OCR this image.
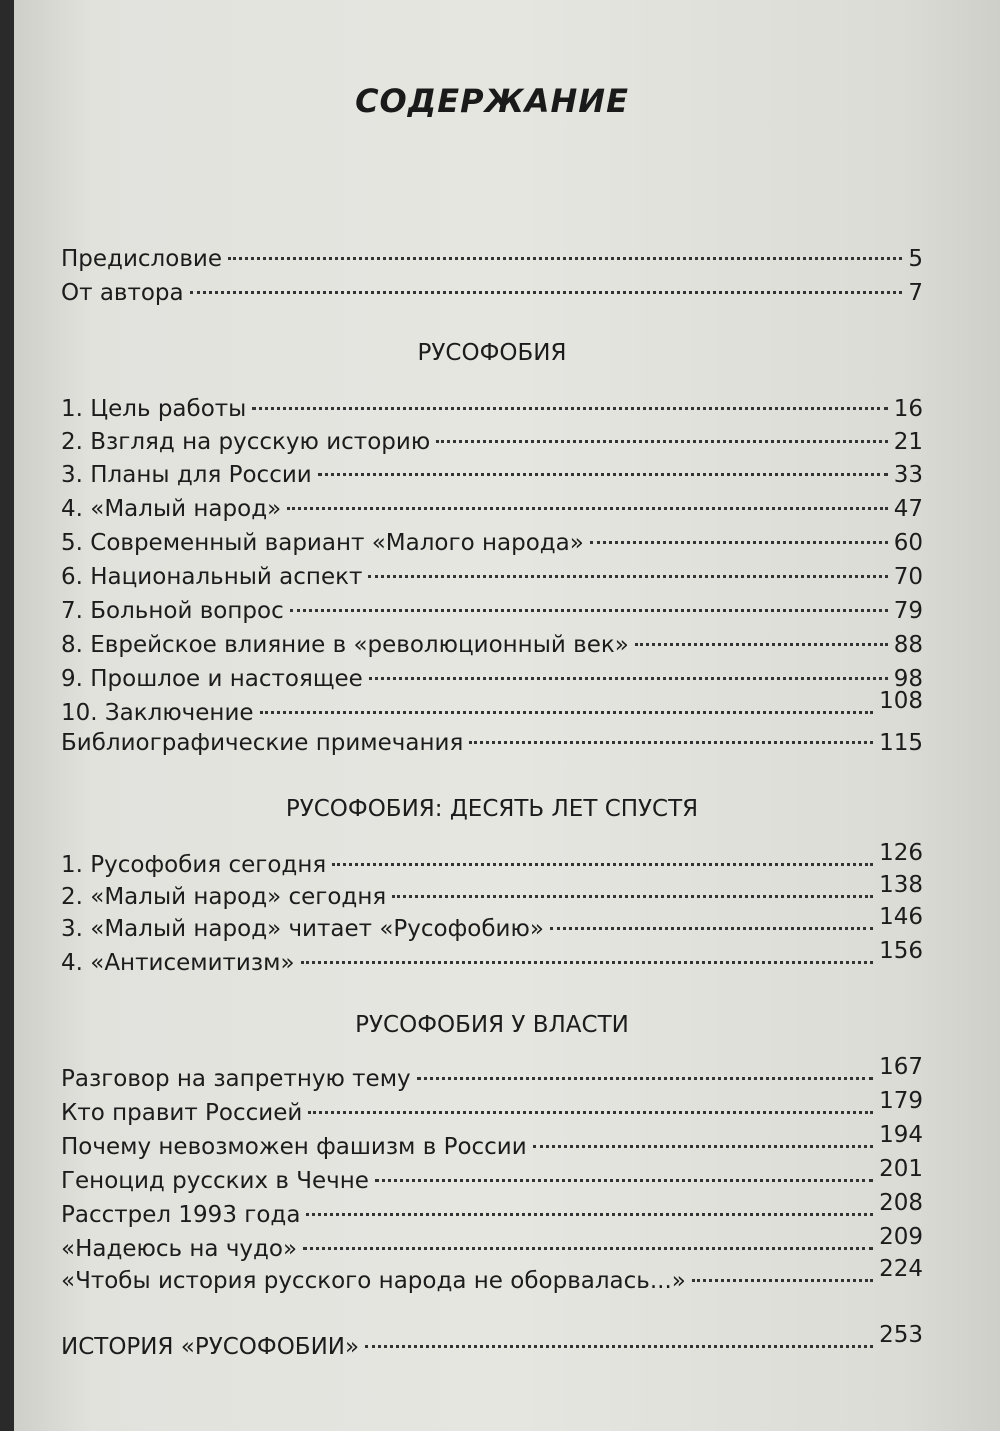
СОДЕРЖАНИЕ
Предисловие	5
От автора	7
РУСОФОБИЯ
1. Цель работы	16
2. Взгляд на русскую историю	21
3. Планы для России	33
4. «Малый народ»	47
5. Современный вариант «Малого народа»	60
6. Национальный аспект	70
7. Больной вопрос	79
8. Еврейское влияние в «революционный век»	88
9. Прошлое и настоящее	98
10. Заключение	108
Библиографические примечания	115
РУСОФОБИЯ: ДЕСЯТЬ ЛЕТ СПУСТЯ
1. Русофобия сегодня	126
2. «Малый народ» сегодня	138
3. «Малый народ» читает «Русофобию»	146
4. «Антисемитизм»	156
РУСОФОБИЯ У ВЛАСТИ
Разговор на запретную тему	167
Кто правит Россией	179
Почему невозможен фашизм в России	194
Геноцид русских в Чечне	201
Расстрел 1993 года	208
«Надеюсь на чудо»	209
«Чтобы история русского народа не оборвалась...»	224
ИСТОРИЯ «РУСОФОБИИ»	253
